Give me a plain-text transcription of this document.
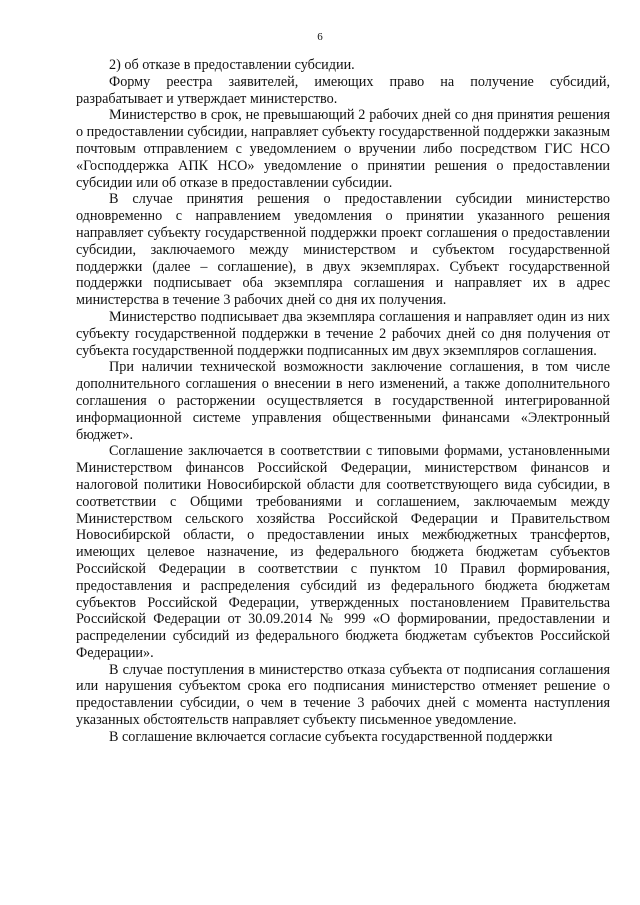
6

2) об отказе в предоставлении субсидии.

Форму реестра заявителей, имеющих право на получение субсидий, разрабатывает и утверждает министерство.

Министерство в срок, не превышающий 2 рабочих дней со дня принятия решения о предоставлении субсидии, направляет субъекту государственной поддержки заказным почтовым отправлением с уведомлением о вручении либо посредством ГИС НСО «Господдержка АПК НСО» уведомление о принятии решения о предоставлении субсидии или об отказе в предоставлении субсидии.

В случае принятия решения о предоставлении субсидии министерство одновременно с направлением уведомления о принятии указанного решения направляет субъекту государственной поддержки проект соглашения о предоставлении субсидии, заключаемого между министерством и субъектом государственной поддержки (далее – соглашение), в двух экземплярах. Субъект государственной поддержки подписывает оба экземпляра соглашения и направляет их в адрес министерства в течение 3 рабочих дней со дня их получения.

Министерство подписывает два экземпляра соглашения и направляет один из них субъекту государственной поддержки в течение 2 рабочих дней со дня получения от субъекта государственной поддержки подписанных им двух экземпляров соглашения.

При наличии технической возможности заключение соглашения, в том числе дополнительного соглашения о внесении в него изменений, а также дополнительного соглашения о расторжении осуществляется в государственной интегрированной информационной системе управления общественными финансами «Электронный бюджет».

Соглашение заключается в соответствии с типовыми формами, установленными Министерством финансов Российской Федерации, министерством финансов и налоговой политики Новосибирской области для соответствующего вида субсидии, в соответствии с Общими требованиями и соглашением, заключаемым между Министерством сельского хозяйства Российской Федерации и Правительством Новосибирской области, о предоставлении иных межбюджетных трансфертов, имеющих целевое назначение, из федерального бюджета бюджетам субъектов Российской Федерации в соответствии с пунктом 10 Правил формирования, предоставления и распределения субсидий из федерального бюджета бюджетам субъектов Российской Федерации, утвержденных постановлением Правительства Российской Федерации от 30.09.2014 № 999 «О формировании, предоставлении и распределении субсидий из федерального бюджета бюджетам субъектов Российской Федерации».

В случае поступления в министерство отказа субъекта от подписания соглашения или нарушения субъектом срока его подписания министерство отменяет решение о предоставлении субсидии, о чем в течение 3 рабочих дней с момента наступления указанных обстоятельств направляет субъекту письменное уведомление.

В соглашение включается согласие субъекта государственной поддержки
